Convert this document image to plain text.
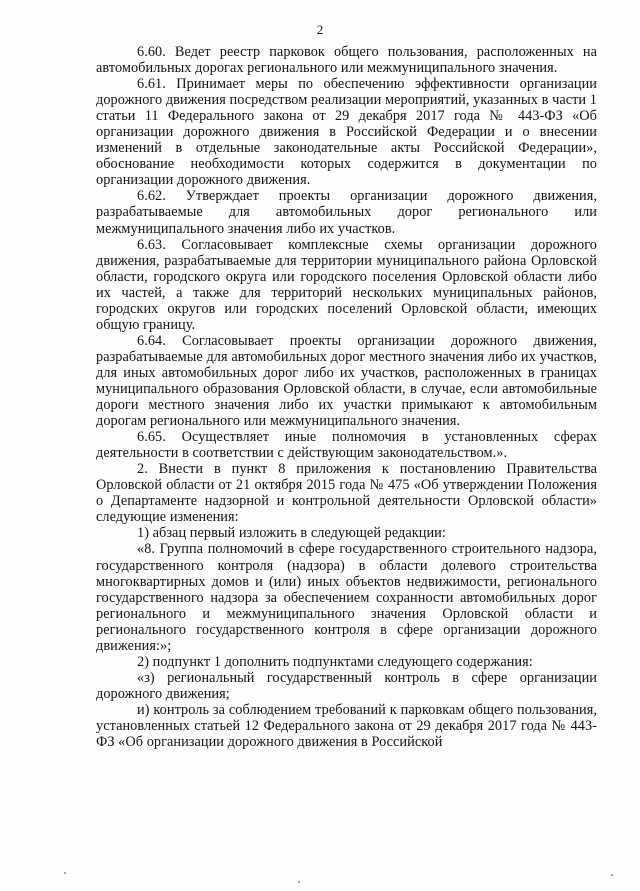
2

6.60. Ведет реестр парковок общего пользования, расположенных на автомобильных дорогах регионального или межмуниципального значения.

6.61. Принимает меры по обеспечению эффективности организации дорожного движения посредством реализации мероприятий, указанных в части 1 статьи 11 Федерального закона от 29 декабря 2017 года № 443-ФЗ «Об организации дорожного движения в Российской Федерации и о внесении изменений в отдельные законодательные акты Российской Федерации», обоснование необходимости которых содержится в документации по организации дорожного движения.

6.62. Утверждает проекты организации дорожного движения, разрабатываемые для автомобильных дорог регионального или межмуниципального значения либо их участков.

6.63. Согласовывает комплексные схемы организации дорожного движения, разрабатываемые для территории муниципального района Орловской области, городского округа или городского поселения Орловской области либо их частей, а также для территорий нескольких муниципальных районов, городских округов или городских поселений Орловской области, имеющих общую границу.

6.64. Согласовывает проекты организации дорожного движения, разрабатываемые для автомобильных дорог местного значения либо их участков, для иных автомобильных дорог либо их участков, расположенных в границах муниципального образования Орловской области, в случае, если автомобильные дороги местного значения либо их участки примыкают к автомобильным дорогам регионального или межмуниципального значения.

6.65. Осуществляет иные полномочия в установленных сферах деятельности в соответствии с действующим законодательством.».

2. Внести в пункт 8 приложения к постановлению Правительства Орловской области от 21 октября 2015 года № 475 «Об утверждении Положения о Департаменте надзорной и контрольной деятельности Орловской области» следующие изменения:

1) абзац первый изложить в следующей редакции:

«8. Группа полномочий в сфере государственного строительного надзора, государственного контроля (надзора) в области долевого строительства многоквартирных домов и (или) иных объектов недвижимости, регионального государственного надзора за обеспечением сохранности автомобильных дорог регионального и межмуниципального значения Орловской области и регионального государственного контроля в сфере организации дорожного движения:»;

2) подпункт 1 дополнить подпунктами следующего содержания:

«з) региональный государственный контроль в сфере организации дорожного движения;

и) контроль за соблюдением требований к парковкам общего пользования, установленных статьей 12 Федерального закона от 29 декабря 2017 года № 443-ФЗ «Об организации дорожного движения в Российской
